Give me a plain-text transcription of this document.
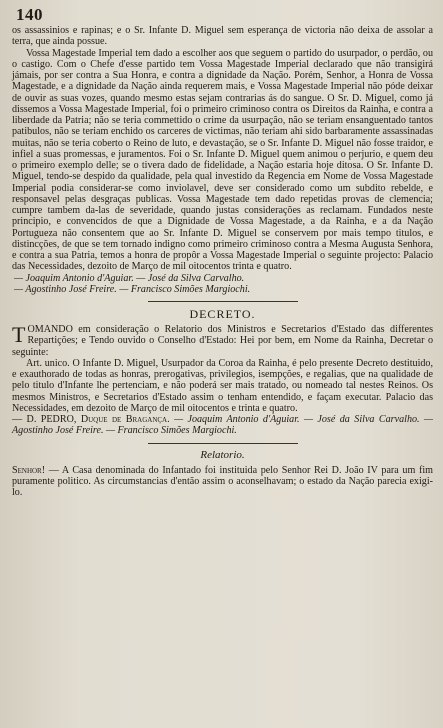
140

os assassinios e rapinas; e o Sr. Infante D. Miguel sem esperança de victoria não deixa de assolar a terra, que ainda possue.

Vossa Magestade Imperial tem dado a escolher aos que seguem o partido do usurpador, o perdão, ou o castigo. Com o Chefe d'esse partido tem Vossa Magestade Imperial declarado que não transigirá jámais, por ser contra a Sua Honra, e contra a dignidade da Nação. Porém, Senhor, a Honra de Vossa Magestade, e a dignidade da Nação ainda requerem mais, e Vossa Magestade Imperial não póde deixar de ouvir as suas vozes, quando mesmo estas sejam contrarias ás do sangue. O Sr. D. Miguel, como já dissemos a Vossa Magestade Imperial, foi o primeiro criminoso contra os Direitos da Rainha, e contra a liberdade da Patria; não se teria commettido o crime da usurpação, não se teriam ensanguentado tantos patibulos, não se teriam enchido os carceres de victimas, não teriam ahi sido barbaramente assassinadas muitas, não se teria coberto o Reino de luto, e devastação, se o Sr. Infante D. Miguel não fosse traidor, e infiel a suas promessas, e juramentos. Foi o Sr. Infante D. Miguel quem animou o perjurio, e quem deu o primeiro exemplo delle; se o tivera dado de fidelidade, a Nação estaria hoje ditosa. O Sr. Infante D. Miguel, tendo-se despido da qualidade, pela qual investido da Regencia em Nome de Vossa Magestade Imperial podia considerar-se como inviolavel, deve ser considerado como um subdito rebelde, e responsavel pelas desgraças publicas. Vossa Magestade tem dado repetidas provas de clemencia; cumpre tambem da-las de severidade, quando justas considerações as reclamam. Fundados neste principio, e convencidos de que a Dignidade de Vossa Magestade, a da Rainha, e a da Nação Portugueza não consentem que ao Sr. Infante D. Miguel se conservem por mais tempo titulos, e distincções, de que se tem tornado indigno como primeiro criminoso contra a Mesma Augusta Senhora, e contra a sua Patria, temos a honra de propôr a Vossa Magestade Imperial o seguinte projecto: Palacio das Necessidades, dezoito de Março de mil oitocentos trinta e quatro.

— Joaquim Antonio d'Aguiar. — José da Silva Carvalho.

— Agostinho José Freire. — Francisco Simões Margiochi.

DECRETO.

TOMANDO em consideração o Relatorio dos Ministros e Secretarios d'Estado das differentes Repartições; e Tendo ouvido o Conselho d'Estado: Hei por bem, em Nome da Rainha, Decretar o seguinte:

Art. unico. O Infante D. Miguel, Usurpador da Coroa da Rainha, é pelo presente Decreto destituido, e exauthorado de todas as honras, prerogativas, privilegios, isempções, e regalias, que na qualidade de pelo titulo d'Infante lhe pertenciam, e não poderá ser mais tratado, ou nomeado tal nestes Reinos. Os mesmos Ministros, e Secretarios d'Estado assim o tenham entendido, e façam executar. Palacio das Necessidades, em dezoito de Março de mil oitocentos e trinta e quatro.

— D. PEDRO, Duque de Bragança. — Joaquim Antonio d'Aguiar. — José da Silva Carvalho. — Agostinho José Freire. — Francisco Simões Margiochi.

Relatorio.

Senhor! — A Casa denominada do Infantado foi instituida pelo Senhor Rei D. João IV para um fim puramente politico. As circumstancias d'então assim o aconselhavam; o estado da Nação parecia exigi-lo.
